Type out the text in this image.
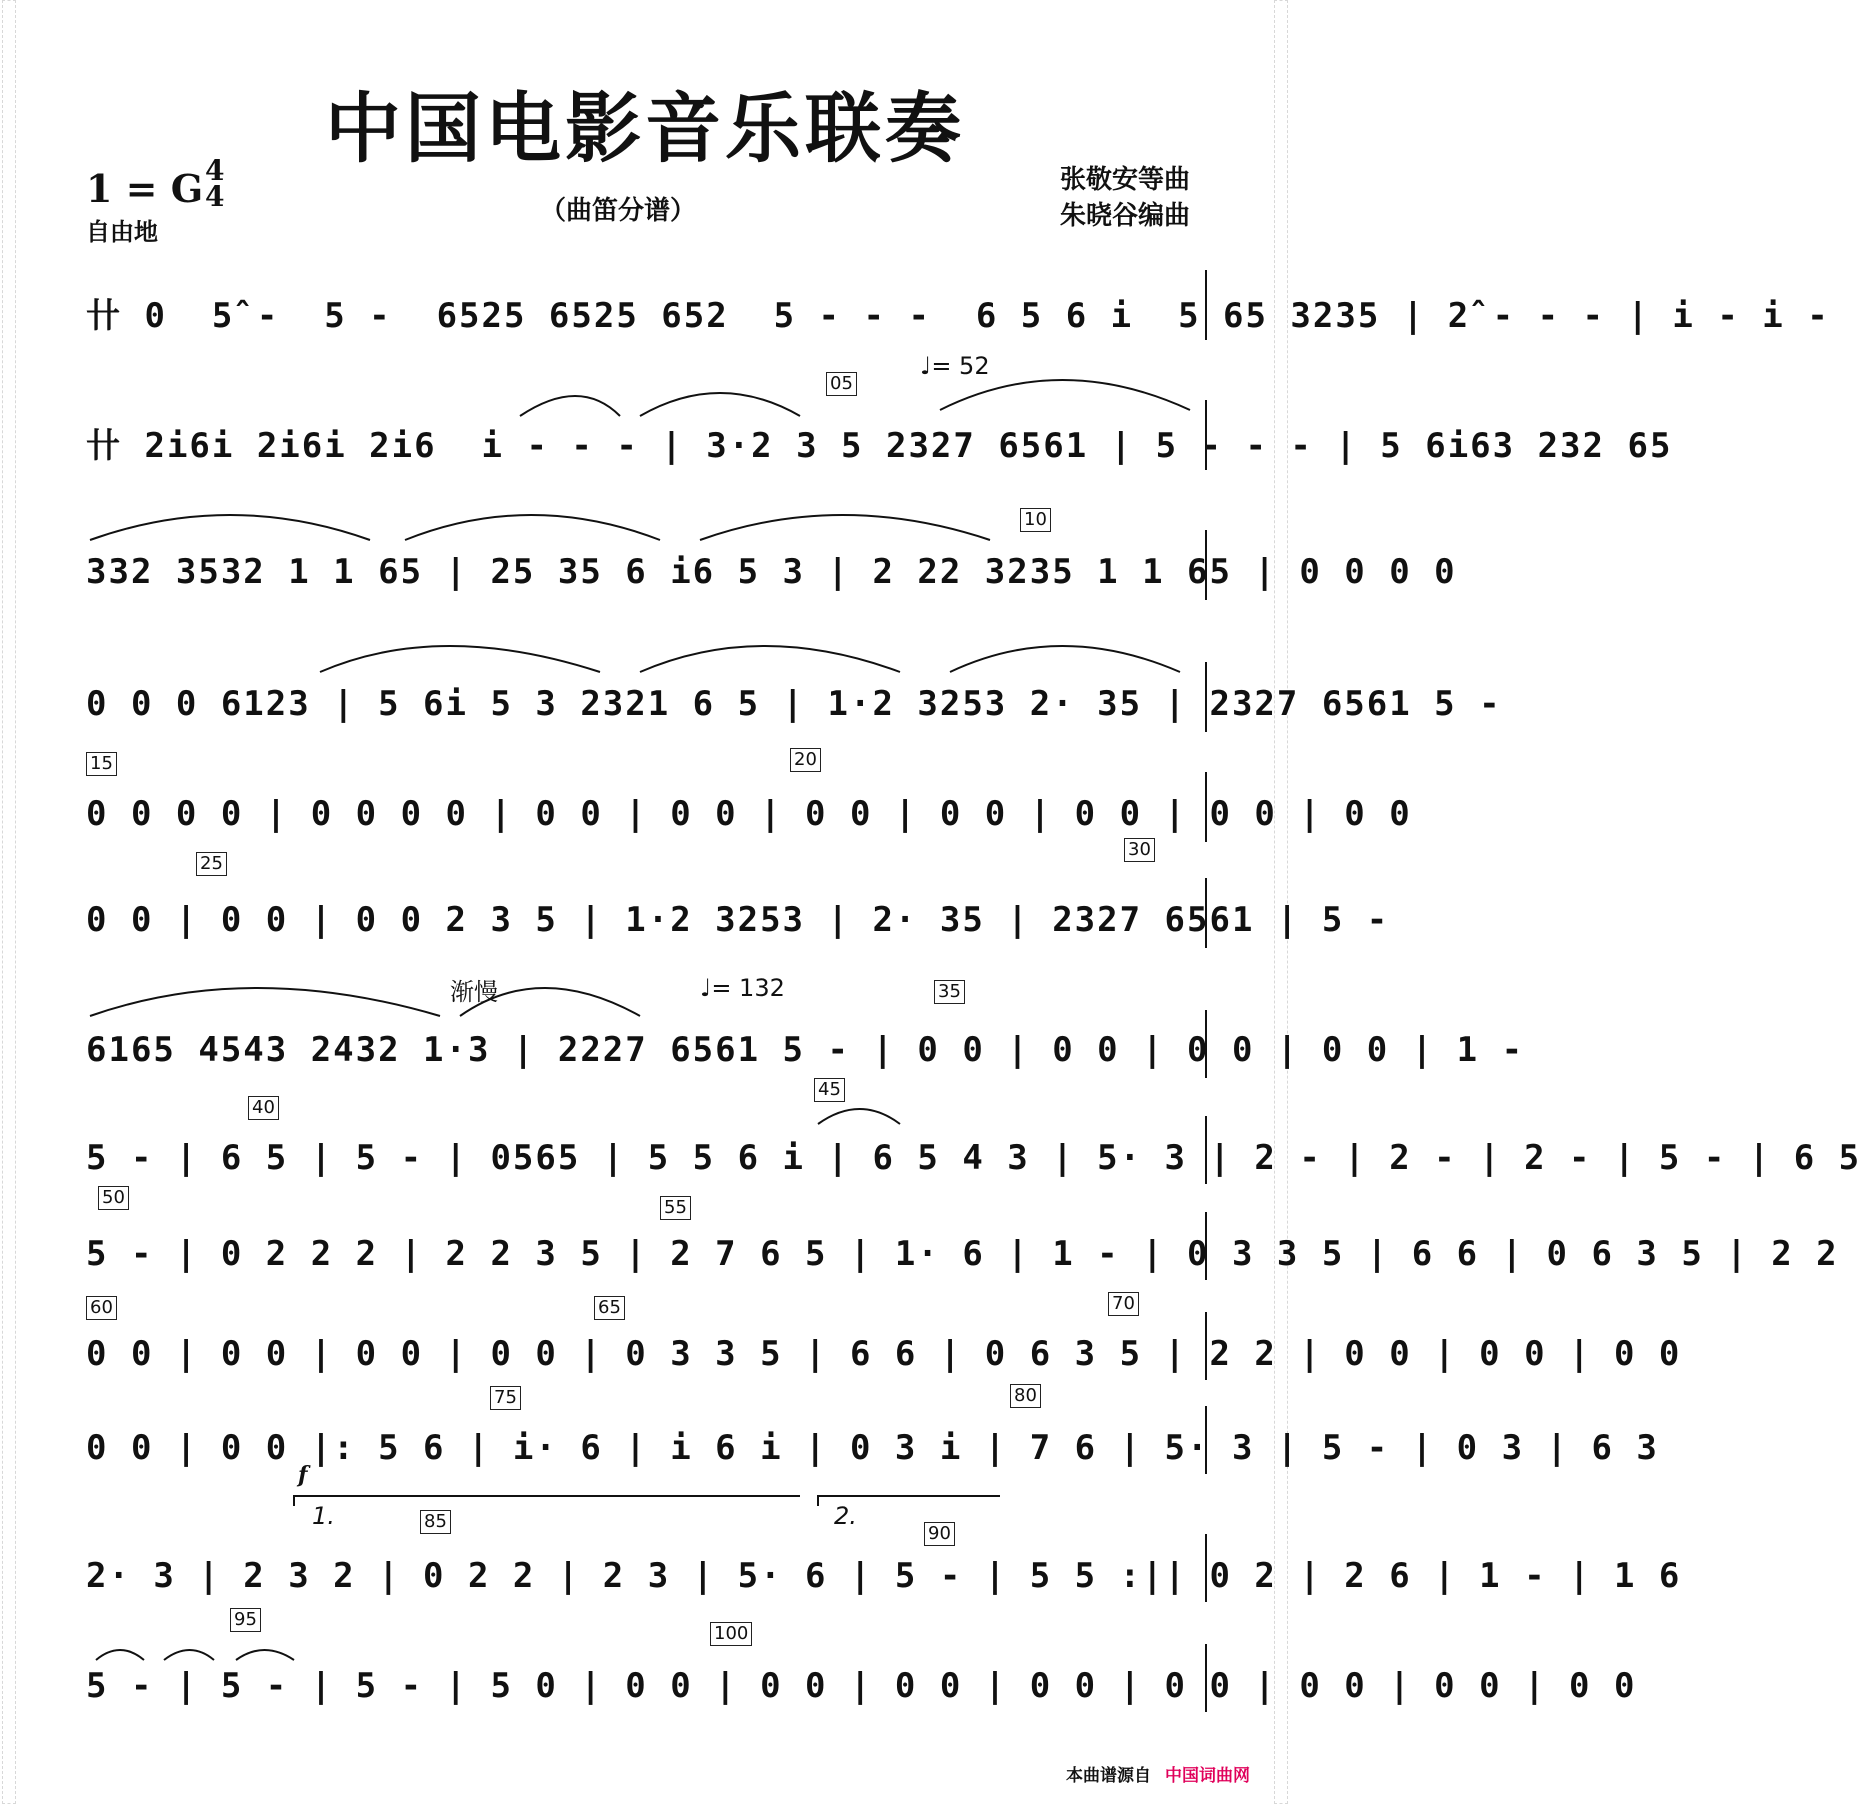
中国电影音乐联奏
1 = G 4
4
自由地
（曲笛分谱）
张敬安等曲
朱晓谷编曲
卄 0  5̂ -  5 -  6525 6525 652  5 - - -  6 5 6 i  5 65 3235 | 2̂ - - - | i - i -
♩= 52
05
卄 2i6i 2i6i 2i6  i - - - | 3·2 3 5 2327 6561 | 5 - - - | 5 6i63 232 65
10
332 3532 1 1 65 | 25 35 6 i6 5 3 | 2 22 3235 1 1 65 | 0 0 0 0
0 0 0 6123 | 5 6i 5 3 2321 6 5 | 1·2 3253 2· 35 | 2327 6561 5 -
15	20
0 0 0 0 | 0 0 0 0 | 0 0 | 0 0 | 0 0 | 0 0 | 0 0 | 0 0 | 0 0
25
30
0 0 | 0 0 | 0 0 2 3 5 | 1·2 3253 | 2· 35 | 2327 6561 | 5 -
渐慢	♩= 132	35
6165 4543 2432 1·3 | 2227 6561 5 - | 0 0 | 0 0 | 0 0 | 0 0 | 1 -
40
45
5 - | 6 5 | 5 - | 0565 | 5 5 6 i | 6 5 4 3 | 5· 3 | 2 - | 2 - | 2 - | 5 - | 6 5
50	55
5 - | 0 2 2 2 | 2 2 3 5 | 2 7 6 5 | 1· 6 | 1 - | 0 3 3 5 | 6 6 | 0 6 3 5 | 2 2
60	65	70
0 0 | 0 0 | 0 0 | 0 0 | 0 3 3 5 | 6 6 | 0 6 3 5 | 2 2 | 0 0 | 0 0 | 0 0
75	80
0 0 | 0 0 |: 5 6 | i· 6 | i 6 i | 0 3 i | 7 6 | 5· 3 | 5 - | 0 3 | 6 3
f
1.	2.
85
90
2· 3 | 2 3 2 | 0 2 2 | 2 3 | 5· 6 | 5 - | 5 5 :|| 0 2 | 2 6 | 1 - | 1 6
95
100
5 - | 5 - | 5 - | 5 0 | 0 0 | 0 0 | 0 0 | 0 0 | 0 0 | 0 0 | 0 0 | 0 0
本曲谱源自 中国词曲网
